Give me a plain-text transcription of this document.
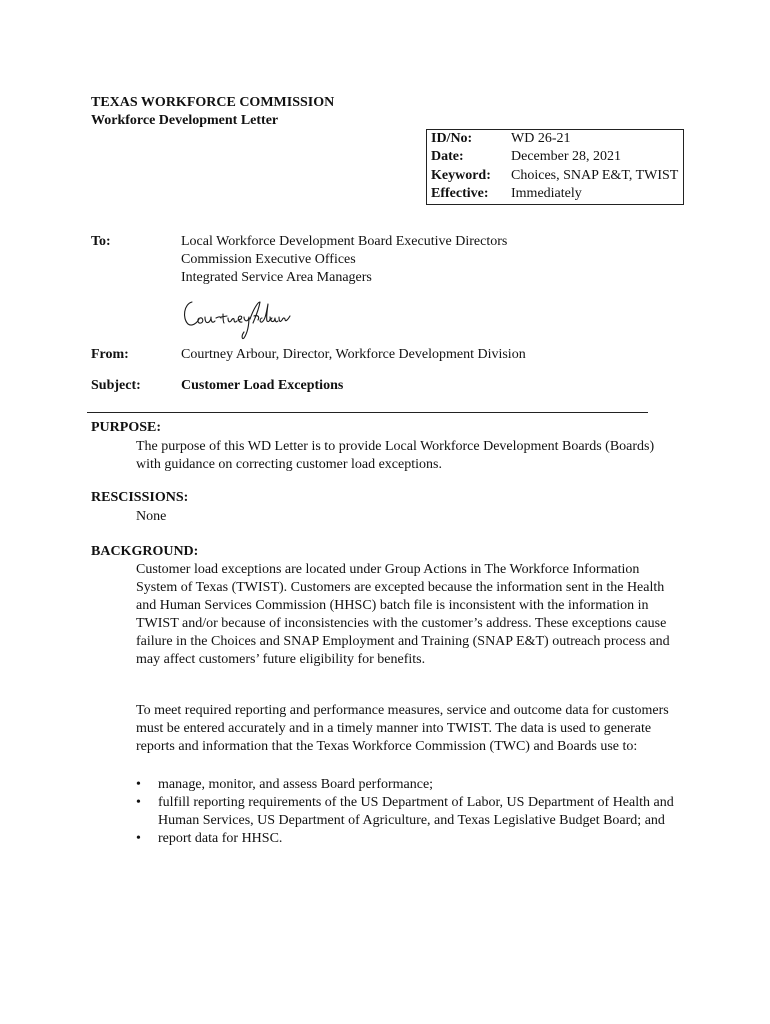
TEXAS WORKFORCE COMMISSION
Workforce Development Letter
ID/No:	WD 26-21
Date:	December 28, 2021
Keyword:	Choices, SNAP E&T, TWIST
Effective:	Immediately
To:	Local Workforce Development Board Executive Directors
Commission Executive Offices
Integrated Service Area Managers
From:	Courtney Arbour, Director, Workforce Development Division
Subject:	Customer Load Exceptions
PURPOSE:
The purpose of this WD Letter is to provide Local Workforce Development Boards (Boards) with guidance on correcting customer load exceptions.
RESCISSIONS:
None
BACKGROUND:
Customer load exceptions are located under Group Actions in The Workforce Information System of Texas (TWIST). Customers are excepted because the information sent in the Health and Human Services Commission (HHSC) batch file is inconsistent with the information in TWIST and/or because of inconsistencies with the customer’s address. These exceptions cause failure in the Choices and SNAP Employment and Training (SNAP E&T) outreach process and may affect customers’ future eligibility for benefits.
To meet required reporting and performance measures, service and outcome data for customers must be entered accurately and in a timely manner into TWIST. The data is used to generate reports and information that the Texas Workforce Commission (TWC) and Boards use to:
• manage, monitor, and assess Board performance;
• fulfill reporting requirements of the US Department of Labor, US Department of Health and Human Services, US Department of Agriculture, and Texas Legislative Budget Board; and
• report data for HHSC.
